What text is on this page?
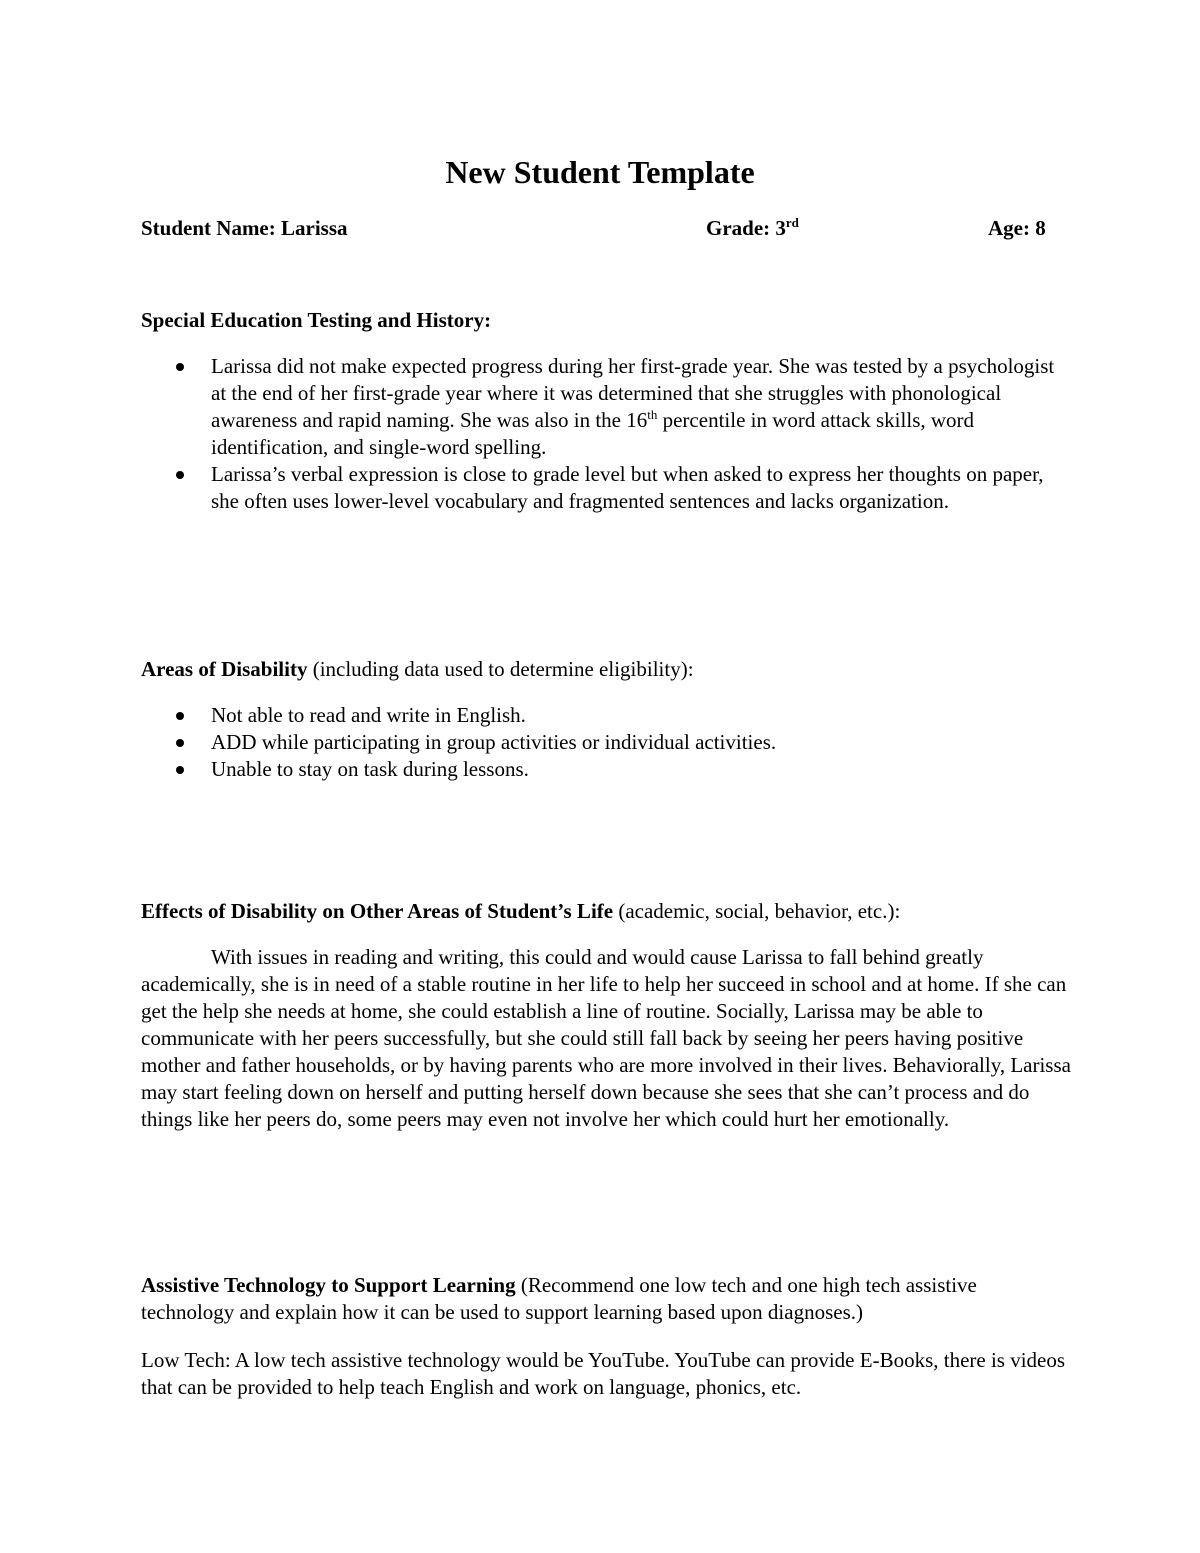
New Student Template
Student Name: Larissa	Grade: 3rd	Age: 8

Special Education Testing and History:

Larissa did not make expected progress during her first-grade year. She was tested by a psychologist at the end of her first-grade year where it was determined that she struggles with phonological awareness and rapid naming. She was also in the 16th percentile in word attack skills, word identification, and single-word spelling.
Larissa’s verbal expression is close to grade level but when asked to express her thoughts on paper, she often uses lower-level vocabulary and fragmented sentences and lacks organization.

Areas of Disability (including data used to determine eligibility):

Not able to read and write in English.
ADD while participating in group activities or individual activities.
Unable to stay on task during lessons.

Effects of Disability on Other Areas of Student’s Life (academic, social, behavior, etc.):

With issues in reading and writing, this could and would cause Larissa to fall behind greatly academically, she is in need of a stable routine in her life to help her succeed in school and at home. If she can get the help she needs at home, she could establish a line of routine. Socially, Larissa may be able to communicate with her peers successfully, but she could still fall back by seeing her peers having positive mother and father households, or by having parents who are more involved in their lives. Behaviorally, Larissa may start feeling down on herself and putting herself down because she sees that she can’t process and do things like her peers do, some peers may even not involve her which could hurt her emotionally.

Assistive Technology to Support Learning (Recommend one low tech and one high tech assistive technology and explain how it can be used to support learning based upon diagnoses.)

Low Tech: A low tech assistive technology would be YouTube. YouTube can provide E-Books, there is videos that can be provided to help teach English and work on language, phonics, etc.
